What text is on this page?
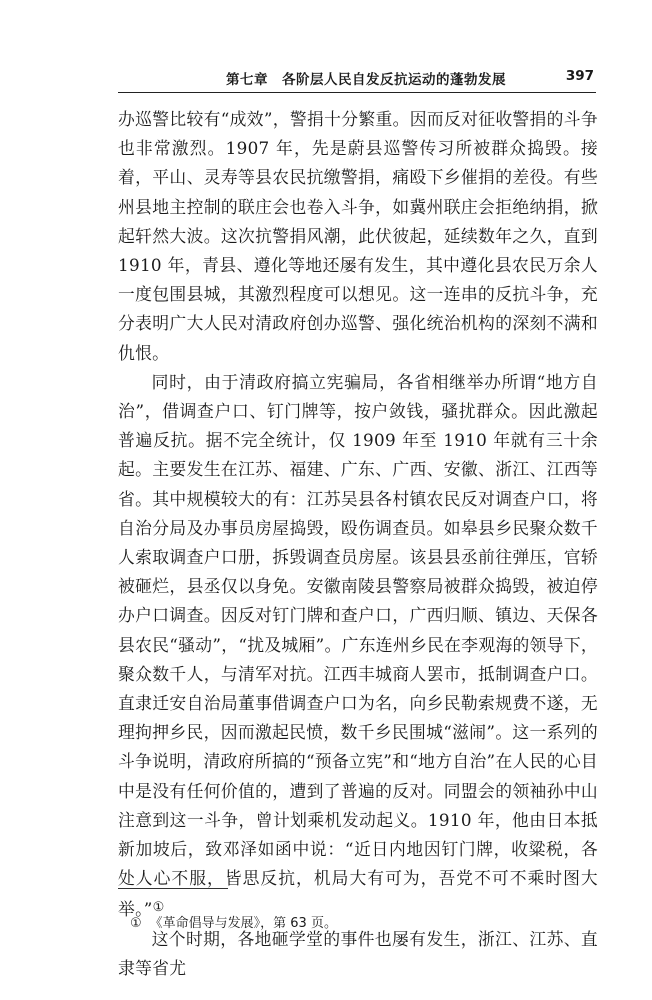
第七章　各阶层人民自发反抗运动的蓬勃发展	397

办巡警比较有“成效”，警捐十分繁重。因而反对征收警捐的斗争也非常激烈。1907 年，先是蔚县巡警传习所被群众捣毁。接着，平山、灵寿等县农民抗缴警捐，痛殴下乡催捐的差役。有些州县地主控制的联庄会也卷入斗争，如冀州联庄会拒绝纳捐，掀起轩然大波。这次抗警捐风潮，此伏彼起，延续数年之久，直到 1910 年，青县、遵化等地还屡有发生，其中遵化县农民万余人一度包围县城，其激烈程度可以想见。这一连串的反抗斗争，充分表明广大人民对清政府创办巡警、强化统治机构的深刻不满和仇恨。

同时，由于清政府搞立宪骗局，各省相继举办所谓“地方自治”，借调查户口、钉门牌等，按户敛钱，骚扰群众。因此激起普遍反抗。据不完全统计，仅 1909 年至 1910 年就有三十余起。主要发生在江苏、福建、广东、广西、安徽、浙江、江西等省。其中规模较大的有：江苏吴县各村镇农民反对调查户口，将自治分局及办事员房屋捣毁，殴伤调查员。如皋县乡民聚众数千人索取调查户口册，拆毁调查员房屋。该县县丞前往弹压，官轿被砸烂，县丞仅以身免。安徽南陵县警察局被群众捣毁，被迫停办户口调查。因反对钉门牌和查户口，广西归顺、镇边、天保各县农民“骚动”，“扰及城厢”。广东连州乡民在李观海的领导下，聚众数千人，与清军对抗。江西丰城商人罢市，抵制调查户口。直隶迁安自治局董事借调查户口为名，向乡民勒索规费不遂，无理拘押乡民，因而激起民愤，数千乡民围城“滋闹”。这一系列的斗争说明，清政府所搞的“预备立宪”和“地方自治”在人民的心目中是没有任何价值的，遭到了普遍的反对。同盟会的领袖孙中山注意到这一斗争，曾计划乘机发动起义。1910 年，他由日本抵新加坡后，致邓泽如函中说：“近日内地因钉门牌，收粱税，各处人心不服，皆思反抗，机局大有可为，吾党不可不乘时图大举。”①

这个时期，各地砸学堂的事件也屡有发生，浙江、江苏、直隶等省尤

① 《革命倡导与发展》，第 63 页。
